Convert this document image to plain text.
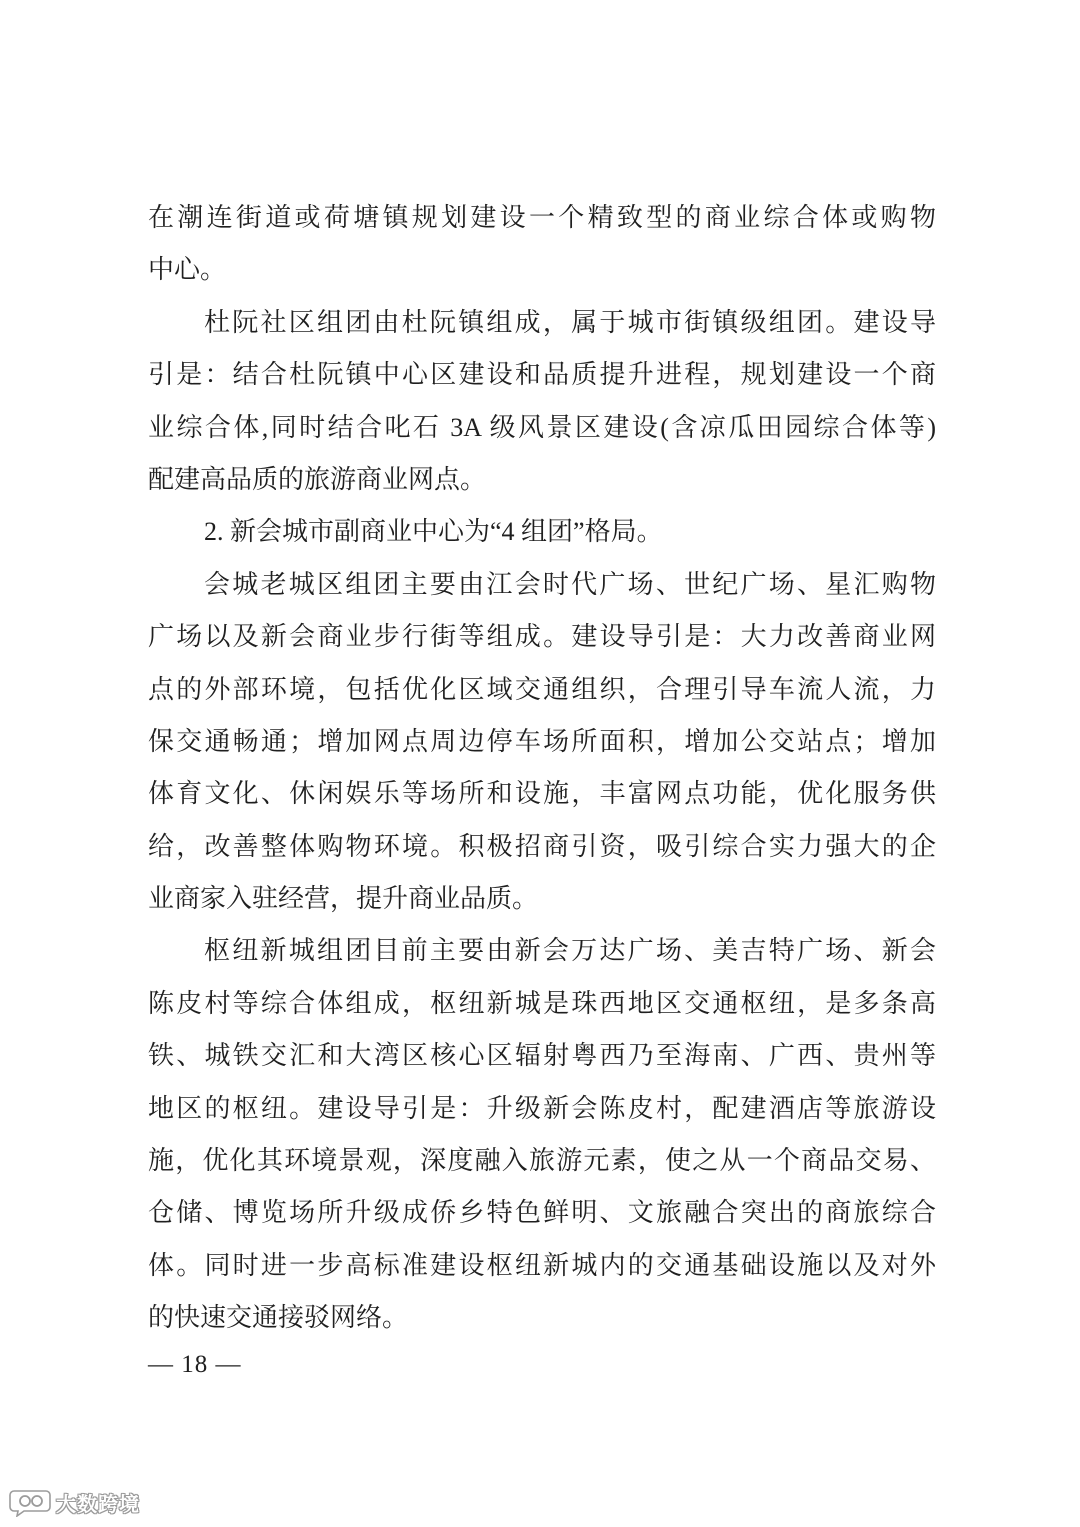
在潮连街道或荷塘镇规划建设一个精致型的商业综合体或购物
中心。
杜阮社区组团由杜阮镇组成，属于城市街镇级组团。建设导
引是：结合杜阮镇中心区建设和品质提升进程，规划建设一个商
业综合体,同时结合叱石 3A 级风景区建设(含凉瓜田园综合体等)
配建高品质的旅游商业网点。
2. 新会城市副商业中心为“4 组团”格局。
会城老城区组团主要由江会时代广场、世纪广场、星汇购物
广场以及新会商业步行街等组成。建设导引是：大力改善商业网
点的外部环境，包括优化区域交通组织，合理引导车流人流，力
保交通畅通；增加网点周边停车场所面积，增加公交站点；增加
体育文化、休闲娱乐等场所和设施，丰富网点功能，优化服务供
给，改善整体购物环境。积极招商引资，吸引综合实力强大的企
业商家入驻经营，提升商业品质。
枢纽新城组团目前主要由新会万达广场、美吉特广场、新会
陈皮村等综合体组成，枢纽新城是珠西地区交通枢纽，是多条高
铁、城铁交汇和大湾区核心区辐射粤西乃至海南、广西、贵州等
地区的枢纽。建设导引是：升级新会陈皮村，配建酒店等旅游设
施，优化其环境景观，深度融入旅游元素，使之从一个商品交易、
仓储、博览场所升级成侨乡特色鲜明、文旅融合突出的商旅综合
体。同时进一步高标准建设枢纽新城内的交通基础设施以及对外
的快速交通接驳网络。
— 18 —
大数跨境
